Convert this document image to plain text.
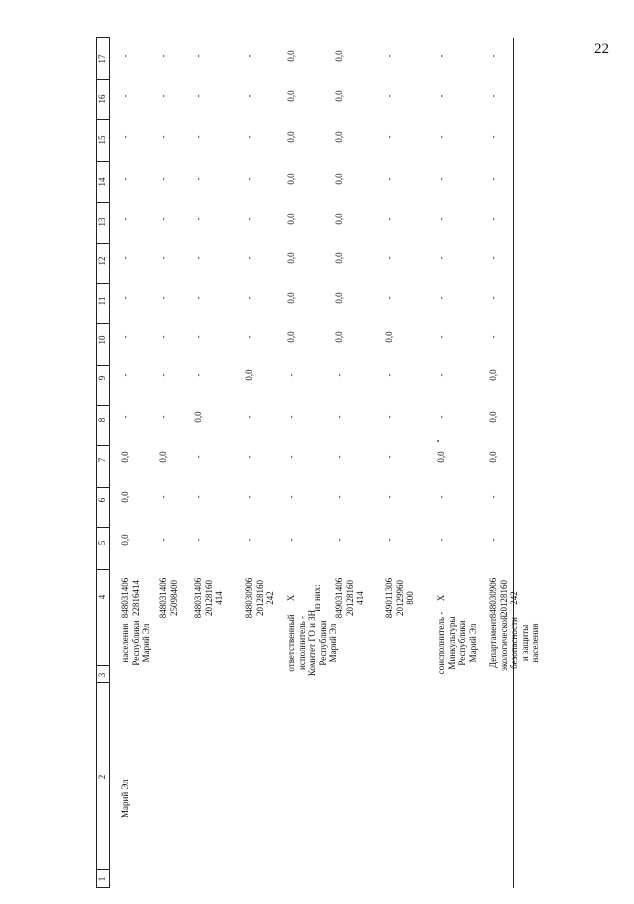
22
1
2
3
4
5
6
7
8
9
10
11
12
13
14
15
16
17
Марий Эл
населения
Республики
Марий Эл
848031406
22816414 848031406
25098400 848031406
20128160
414 848030906
20128160
242
ответственный
исполнитель -
Комитет ГО и ЗН
Республики
Марий Эл
X	849031406
20128160
414 849011306
20129960
800
соисполнитель -
Минкультуры
Республики
Марий Эл
X
Департамент
экологической
безопасности
и защиты
населения
848030906
20128160
242
из них:
0,0
0,0
0,0
-
-
-
-
-
-
-
-
-
-
-
-
0,0
-
-
-
-
-
-
-
-
-
-
-
-
-
0,0
-
-
-
-
-
-
-
-
-
-
-
-
-
0,0
-
-
-
-
-
-
-
-
-
-
-
-
-
0,0
0,0
0,0
0,0
0,0
0,0
0,0
0,0
-
-
-
-
-
0,0
0,0
0,0
0,0
0,0
0,0
0,0
0,0
-
-
-
-
-
0,0
-
-
-
-
-
-
-
-
-
0,0
-
-
-
-
-
-
-
-
-
-
-
-
0,0
0,0
0,0
-
-
-
-
-
-
-
-
